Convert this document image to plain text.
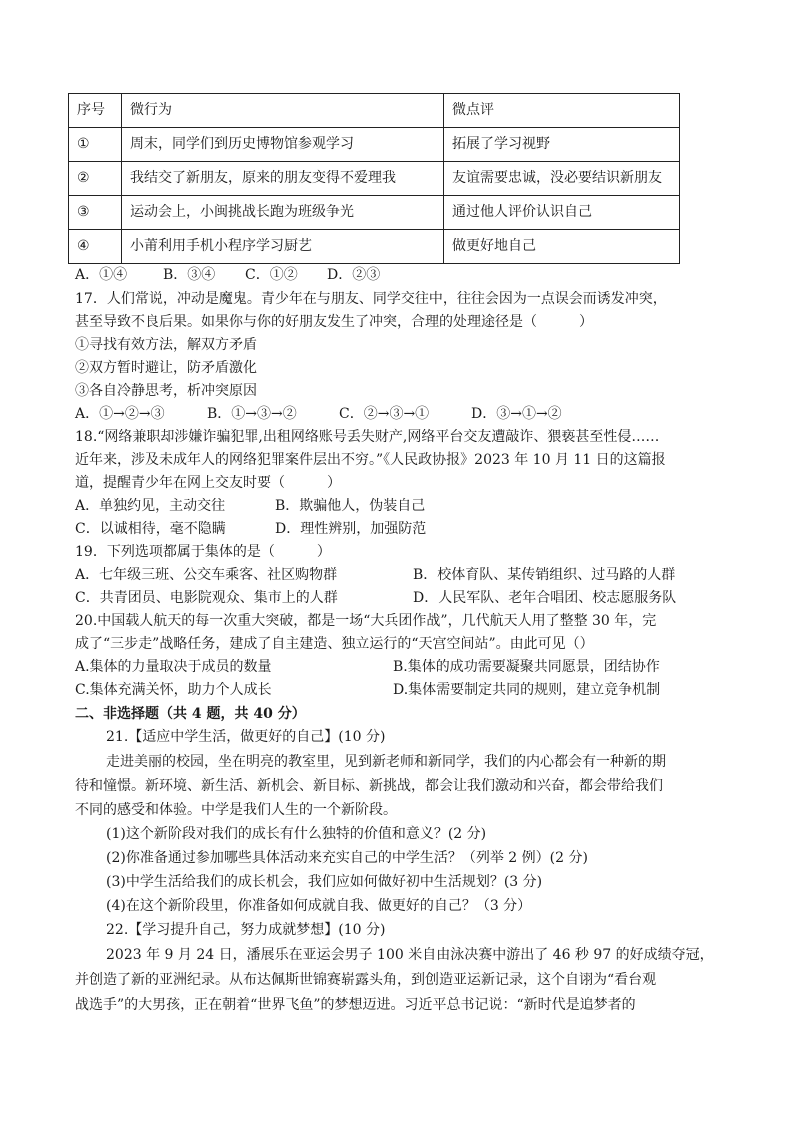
序号	微行为	微点评
①	周末，同学们到历史博物馆参观学习	拓展了学习视野
②	我结交了新朋友，原来的朋友变得不爱理我	友谊需要忠诚，没必要结识新朋友
③	运动会上，小闽挑战长跑为班级争光	通过他人评价认识自己
④	小莆利用手机小程序学习厨艺	做更好地自己
A．①④	B．③④ C．①② D．②③
17．人们常说，冲动是魔鬼。青少年在与朋友、同学交往中，往往会因为一点误会而诱发冲突，
甚至导致不良后果。如果你与你的好朋友发生了冲突，合理的处理途径是（　　　）
①寻找有效方法，解双方矛盾
②双方暂时避让，防矛盾激化
③各自冷静思考，析冲突原因
A．①→②→③	B．①→③→②	C．②→③→①	D．③→①→②
18.“网络兼职却涉嫌诈骗犯罪,出租网络账号丢失财产,网络平台交友遭敲诈、猥亵甚至性侵……
近年来，涉及未成年人的网络犯罪案件层出不穷。”《人民政协报》2023 年 10 月 11 日的这篇报
道，提醒青少年在网上交友时要（　　　）
A．单独约见，主动交往	B．欺骗他人，伪装自己
C．以诚相待，毫不隐瞒	D．理性辨别，加强防范
19．下列选项都属于集体的是（　　　）
A．七年级三班、公交车乘客、社区购物群	B．校体育队、某传销组织、过马路的人群
C．共青团员、电影院观众、集市上的人群	D．人民军队、老年合唱团、校志愿服务队
20.中国载人航天的每一次重大突破，都是一场“大兵团作战”，几代航天人用了整整 30 年，完
成了“三步走”战略任务，建成了自主建造、独立运行的“天宫空间站”。由此可见（）
A.集体的力量取决于成员的数量	B.集体的成功需要凝聚共同愿景，团结协作
C.集体充满关怀，助力个人成长	D.集体需要制定共同的规则，建立竞争机制
二、非选择题（共 4 题，共 40 分）
21.【适应中学生活，做更好的自己】(10 分)
走进美丽的校园，坐在明亮的教室里，见到新老师和新同学，我们的内心都会有一种新的期
待和憧憬。新环境、新生活、新机会、新目标、新挑战，都会让我们激动和兴奋，都会带给我们
不同的感受和体验。中学是我们人生的一个新阶段。
(1)这个新阶段对我们的成长有什么独特的价值和意义？(2 分)
(2)你准备通过参加哪些具体活动来充实自己的中学生活？（列举 2 例）(2 分)
(3)中学生活给我们的成长机会，我们应如何做好初中生活规划？(3 分)
(4)在这个新阶段里，你准备如何成就自我、做更好的自己？（3 分）
22.【学习提升自己，努力成就梦想】(10 分)
2023 年 9 月 24 日，潘展乐在亚运会男子 100 米自由泳决赛中游出了 46 秒 97 的好成绩夺冠，
并创造了新的亚洲纪录。从布达佩斯世锦赛崭露头角，到创造亚运新记录，这个自诩为“看台观
战选手”的大男孩，正在朝着“世界飞鱼”的梦想迈进。习近平总书记说：“新时代是追梦者的
